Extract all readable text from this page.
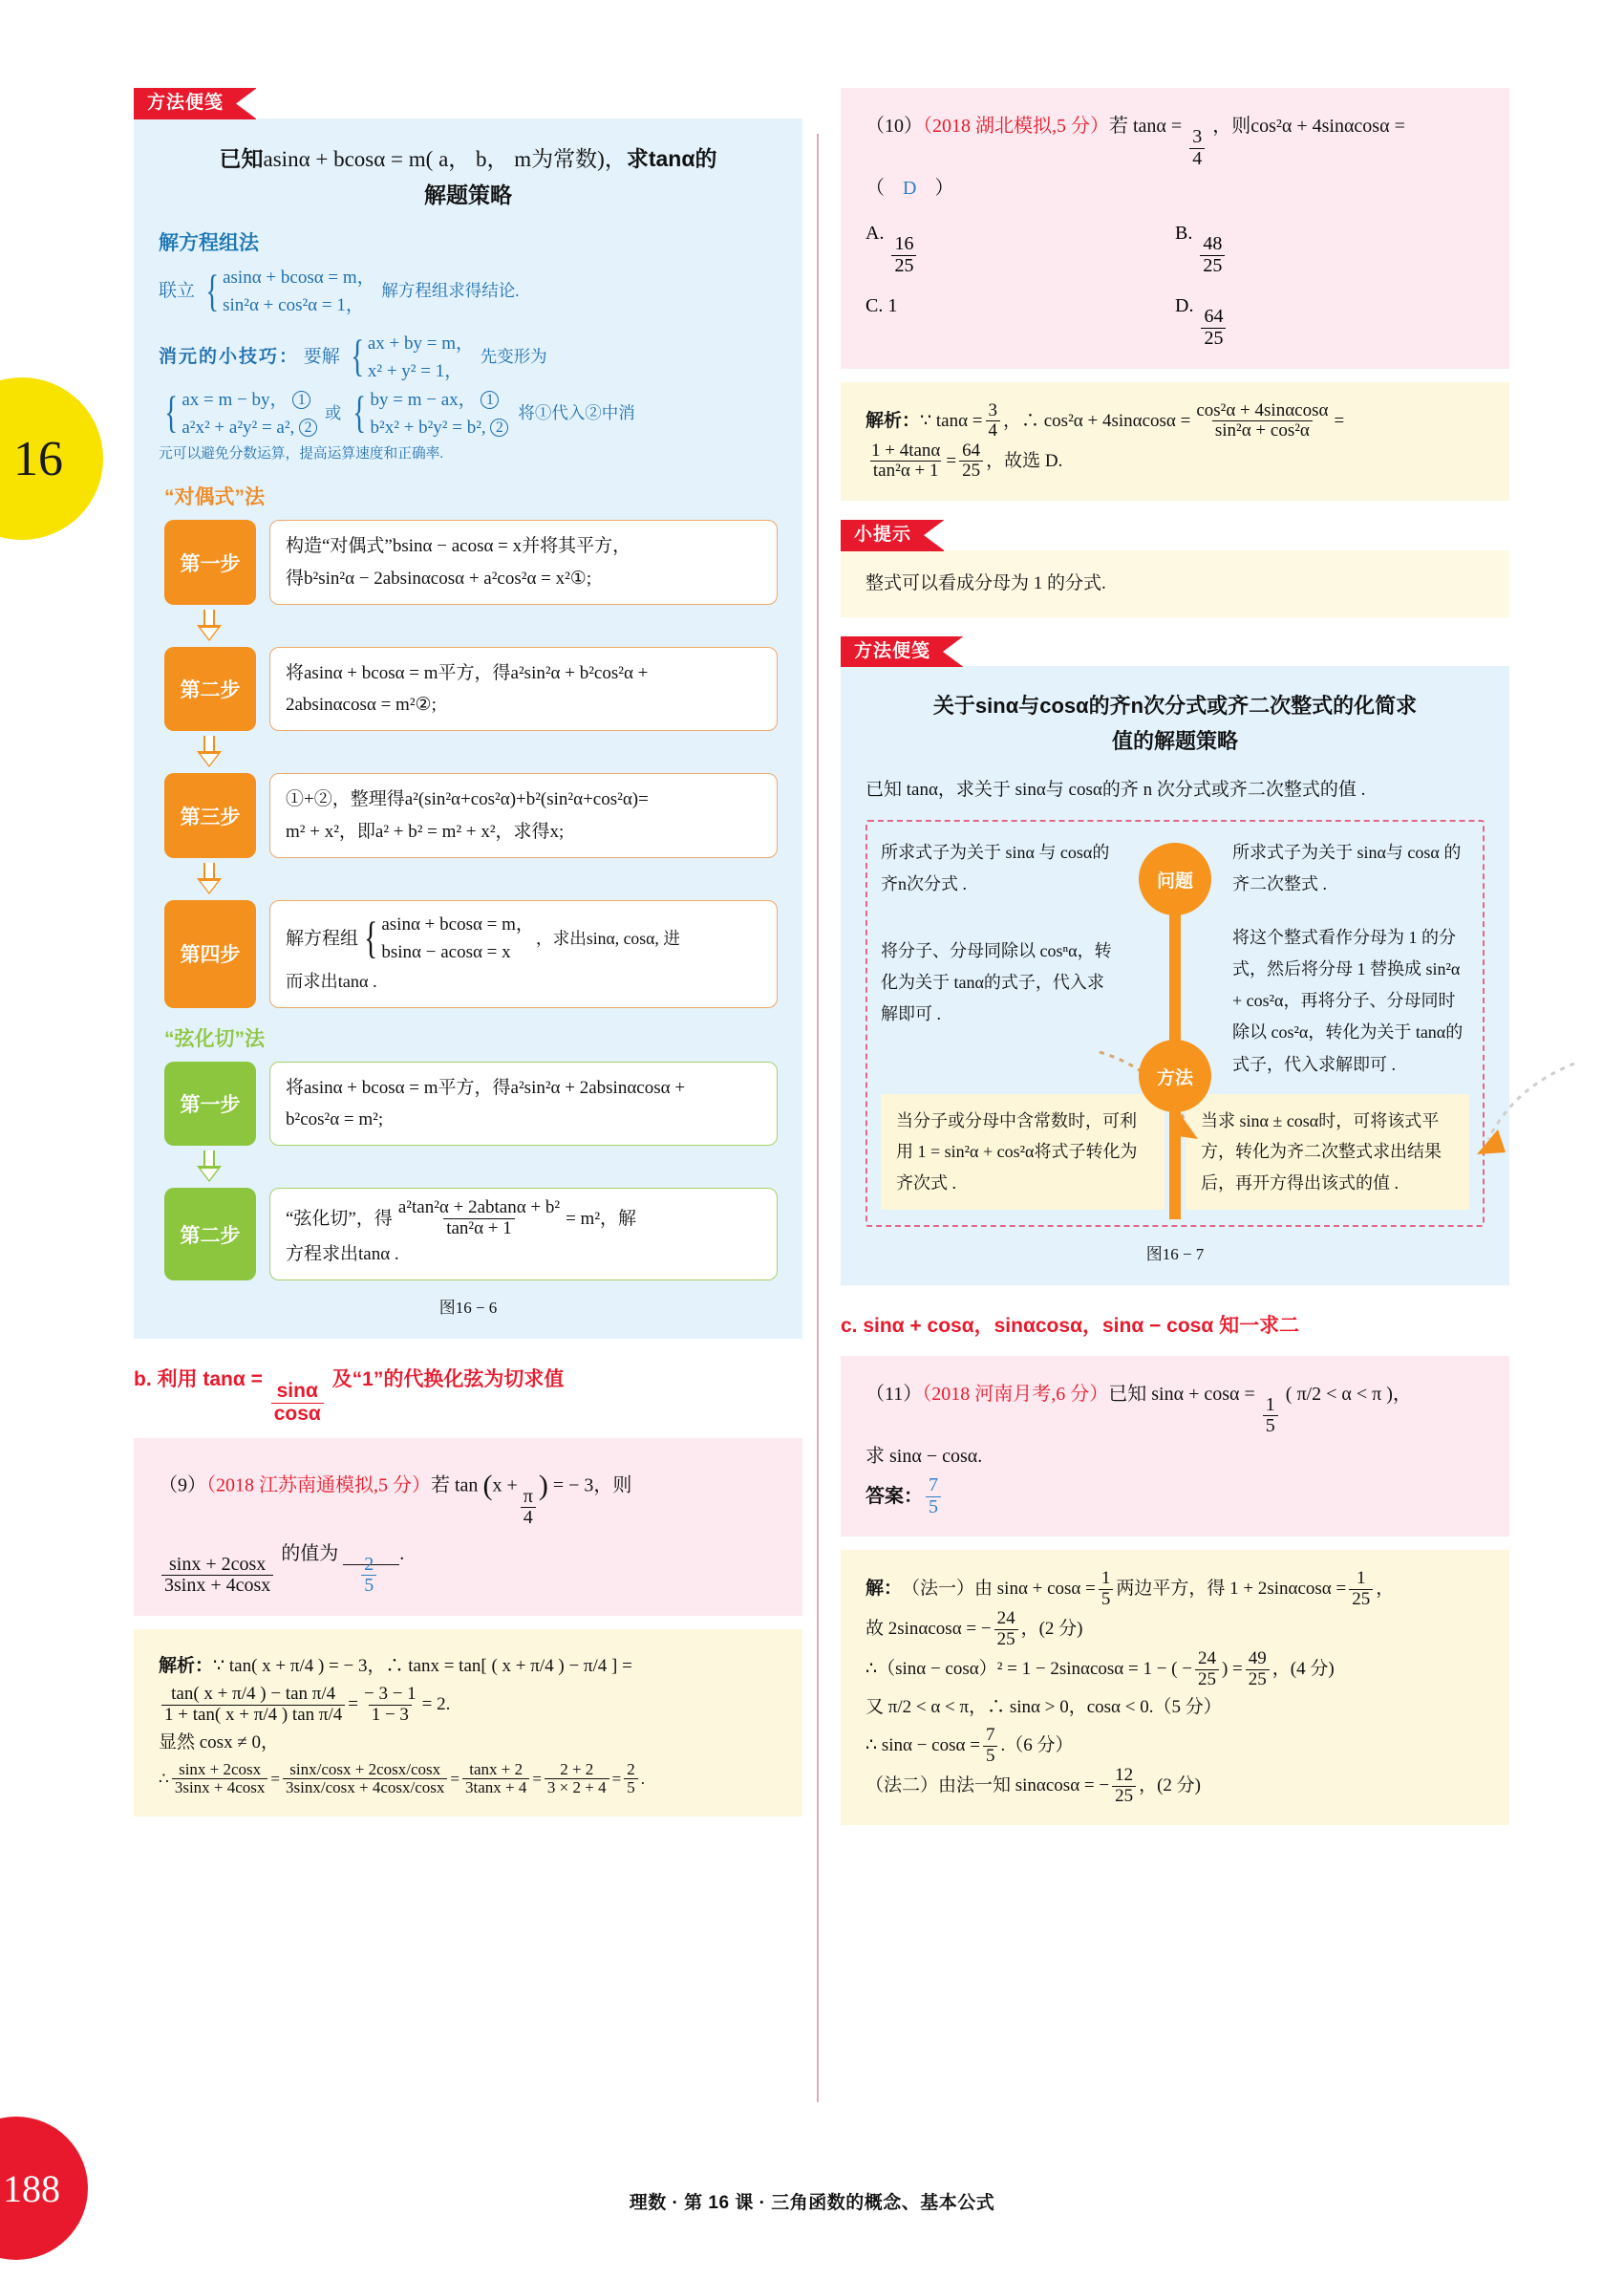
16
188
方法便笺
已知asinα + bcosα = m( a， b， m为常数)，求tanα的
解题策略
解方程组法
联立 { asinα + bcosα = m，
sin²α + cos²α = 1，
解方程组求得结论.
消元的小技巧： 要解 { ax + by = m，
x² + y² = 1，
先变形为
{ ax = m − by， 1
a²x² + a²y² = a², 2
或 { by = m − ax， 1
b²x² + b²y² = b², 2
将①代入②中消
元可以避免分数运算，提高运算速度和正确率.
“对偶式”法
第一步
构造“对偶式”bsinα − acosα = x并将其平方，
得b²sin²α − 2absinαcosα + a²cos²α = x²①;
第二步
将asinα + bcosα = m平方，得a²sin²α + b²cos²α +
2absinαcosα = m²②;
第三步
①+②，整理得a²(sin²α+cos²α)+b²(sin²α+cos²α)=
m² + x²，即a² + b² = m² + x²，求得x;
第四步
解方程组 { asinα + bcosα = m，
bsinα − acosα = x
，求出sinα, cosα, 进
而求出tanα .
“弦化切”法
第一步
将asinα + bcosα = m平方，得a²sin²α + 2absinαcosα +
b²cos²α = m²;
第二步
“弦化切”，得 $\frac{\text{a²tan²α + 2abtanα + b²}}{\text{tan²α + 1}} = m^2$，解
方程求出tanα .
图16 − 6
b. 利用 tanα =
$\frac{\sin\alpha}{\cos\alpha}$
及“1”的代换化弦为切求值
（9）（2018 江苏南通模拟,5 分）若 tan (x +
$\frac{\pi}{4}$
) = − 3，则
$\frac{\sin x + 2\cos x}{3\sin x + 4\cos x}$
的值为
$\frac{2}{5}$
.
解析：∵ tan( x + π/4 ) = − 3，∴ tanx = tan[ ( x + π/4 ) − π/4 ] =
$\frac{\text{tan( x + π/4 ) − tan π/4}}{\text{1 + tan( x + π/4 ) tan π/4}} = \frac{- 3 - 1}{1 - 3} = 2$.
显然 cosx ≠ 0，
∴ $\frac{\sin x + 2\cos x}{3\sin x + 4\cos x} = \frac{\sin x/\cos x + 2\cos x/\cos x}{3\sin x/\cos x + 4\cos x/\cos x} = \frac{\tan x + 2}{3\tan x + 4} = \frac{2 + 2}{3 \times 2 + 4} = \frac{2}{5}$ .
（10）（2018 湖北模拟,5 分）若 tanα =
$\frac{3}{4}$
，则cos²α + 4sinαcosα =
（ D ）
A.
$\frac{16}{25}$
B.
$\frac{48}{25}$
C. 1	D.
$\frac{64}{25}$
解析： ∵ $\tan\alpha = \frac{3}{4}$ ，∴ $\cos^2\alpha + 4\sin\alpha\cos\alpha = \frac{\text{cos²α + 4sinαcosα}}{\text{sin²α + cos²α}}$ =
$\frac{1 + 4\tan\alpha}{\text{tan²α + 1}} = \frac{64}{25}$ ，故选 D.
小提示
整式可以看成分母为 1 的分式.
方法便笺
关于sinα与cosα的齐n次分式或齐二次整式的化简求
值的解题策略
已知 tanα，求关于 sinα与 cosα的齐 n 次分式或齐二次整式的值 .
所求式子为关于 sinα 与 cosα的齐n次分式 .
将分子、分母同除以 cosⁿα，转化为关于 tanα的式子，代入求解即可 .
问题
方法
所求式子为关于 sinα与 cosα 的齐二次整式 .
将这个整式看作分母为 1 的分式，然后将分母 1 替换成 sin²α + cos²α，再将分子、分母同时除以 cos²α，转化为关于 tanα的式子，代入求解即可 .
当分子或分母中含常数时，可利用 1 = sin²α + cos²α将式子转化为齐次式 .
当求 sinα ± cosα时，可将该式平方，转化为齐二次整式求出结果后，再开方得出该式的值 .
图16 − 7
c. sinα + cosα，sinαcosα，sinα − cosα 知一求二
（11）（2018 河南月考,6 分）已知 sinα + cosα =
$\frac{1}{5}$
( π/2 < α < π )，
求 sinα − cosα.
答案： $\frac{7}{5}$
解： （法一）由 $\sin\alpha + \cos\alpha = \frac{1}{5}$ 两边平方，得 $1 + 2\sin\alpha\cos\alpha = \frac{1}{25}$ ，
故 2sinαcosα = − $\frac{24}{25}$ ，(2 分)
∴（sinα − cosα）² = 1 − 2sinαcosα = 1 − ( − $\frac{24}{25}$ ) = $\frac{49}{25}$ ，(4 分)
又 π/2 < α < π，∴ sinα > 0，cosα < 0.（5 分）
∴ $\sin\alpha - \cos\alpha = \frac{7}{5} .(6$ 分）
（法二）由法一知 sinαcosα = − $\frac{12}{25}$ ，(2 分)
理数 · 第 16 课 · 三角函数的概念、基本公式
